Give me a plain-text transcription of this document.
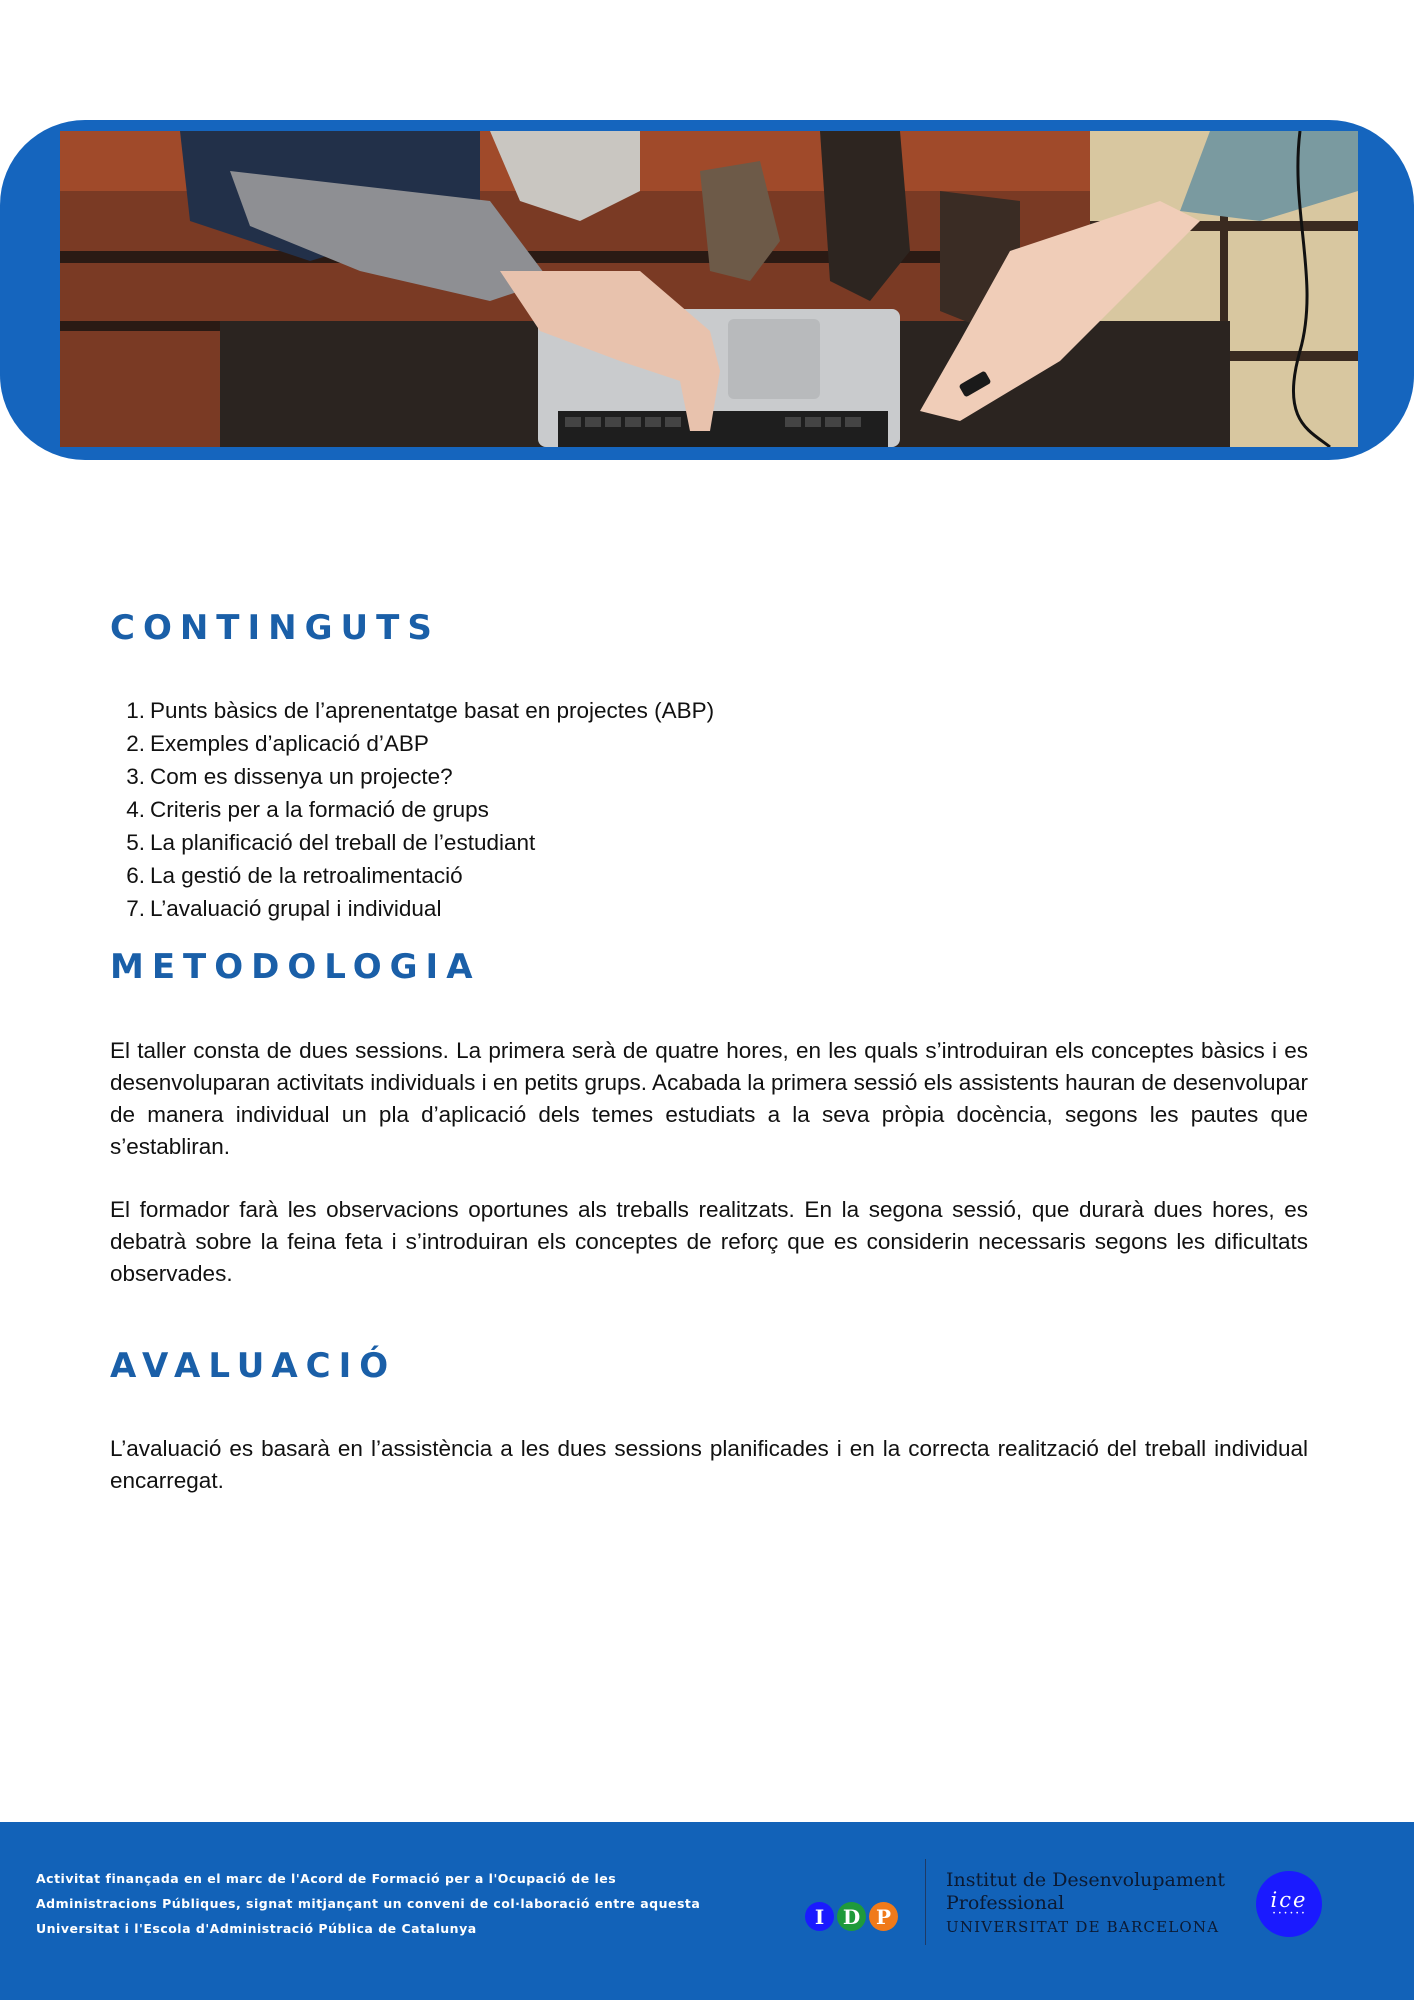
CONTINGUTS
1. Punts bàsics de l’aprenentatge basat en projectes (ABP)
2. Exemples d’aplicació d’ABP
3. Com es dissenya un projecte?
4. Criteris per a la formació de grups
5. La planificació del treball de l’estudiant
6. La gestió de la retroalimentació
7. L’avaluació grupal i individual
METODOLOGIA

El taller consta de dues sessions. La primera serà de quatre hores, en les quals s’introduiran els conceptes bàsics i es desenvoluparan activitats individuals i en petits grups. Acabada la primera sessió els assistents hauran de desenvolupar de manera individual un pla d’aplicació dels temes estudiats a la seva pròpia docència, segons les pautes que s’establiran.

El formador farà les observacions oportunes als treballs realitzats. En la segona sessió, que durarà dues hores, es debatrà sobre la feina feta i s’introduiran els conceptes de reforç que es considerin necessaris segons les dificultats observades.

AVALUACIÓ

L’avaluació es basarà en l’assistència a les dues sessions planificades i en la correcta realització del treball individual encarregat.

Activitat finançada en el marc de l'Acord de Formació per a l'Ocupació de les Administracions Públiques, signat mitjançant un conveni de col·laboració entre aquesta Universitat i l'Escola d'Administració Pública de Catalunya	I D P

Institut de Desenvolupament
Professional

UNIVERSITAT DE BARCELONA

ice
• • • • • •
